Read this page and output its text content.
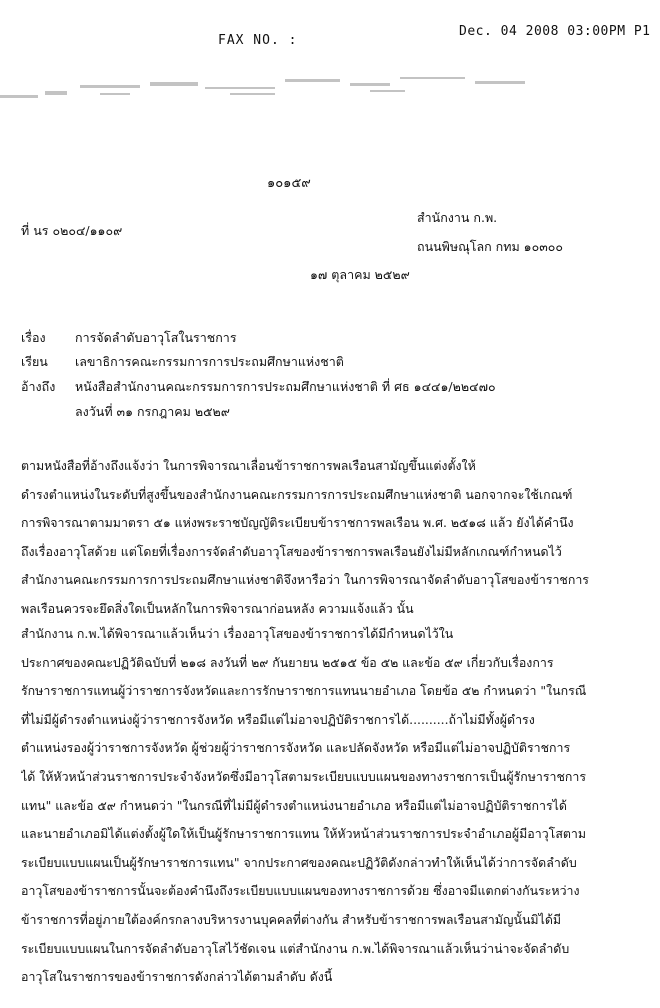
FAX NO. :
Dec. 04 2008 03:00PM P1
๑๐๑๕๙
ที่ นร ๐๒๐๔/๑๑๐๙
สำนักงาน ก.พ.
ถนนพิษณุโลก กทม ๑๐๓๐๐
๑๗ ตุลาคม ๒๕๒๙
เรื่อง การจัดลำดับอาวุโสในราชการ
เรียน เลขาธิการคณะกรรมการการประถมศึกษาแห่งชาติ
อ้างถึง หนังสือสำนักงานคณะกรรมการการประถมศึกษาแห่งชาติ ที่ ศธ ๑๔๔๑/๒๒๔๗๐
ลงวันที่ ๓๑ กรกฎาคม ๒๕๒๙
ตามหนังสือที่อ้างถึงแจ้งว่า ในการพิจารณาเลื่อนข้าราชการพลเรือนสามัญขึ้นแต่งตั้งให้
ดำรงตำแหน่งในระดับที่สูงขึ้นของสำนักงานคณะกรรมการการประถมศึกษาแห่งชาติ นอกจากจะใช้เกณฑ์
การพิจารณาตามมาตรา ๕๑ แห่งพระราชบัญญัติระเบียบข้าราชการพลเรือน พ.ศ. ๒๕๑๘ แล้ว ยังได้คำนึง
ถึงเรื่องอาวุโสด้วย แต่โดยที่เรื่องการจัดลำดับอาวุโสของข้าราชการพลเรือนยังไม่มีหลักเกณฑ์กำหนดไว้
สำนักงานคณะกรรมการการประถมศึกษาแห่งชาติจึงหารือว่า ในการพิจารณาจัดลำดับอาวุโสของข้าราชการ
พลเรือนควรจะยึดสิ่งใดเป็นหลักในการพิจารณาก่อนหลัง ความแจ้งแล้ว นั้น
สำนักงาน ก.พ.ได้พิจารณาแล้วเห็นว่า เรื่องอาวุโสของข้าราชการได้มีกำหนดไว้ใน
ประกาศของคณะปฏิวัติฉบับที่ ๒๑๘ ลงวันที่ ๒๙ กันยายน ๒๕๑๕ ข้อ ๕๒ และข้อ ๕๙ เกี่ยวกับเรื่องการ
รักษาราชการแทนผู้ว่าราชการจังหวัดและการรักษาราชการแทนนายอำเภอ โดยข้อ ๕๒ กำหนดว่า "ในกรณี
ที่ไม่มีผู้ดำรงตำแหน่งผู้ว่าราชการจังหวัด หรือมีแต่ไม่อาจปฏิบัติราชการได้..........ถ้าไม่มีทั้งผู้ดำรง
ตำแหน่งรองผู้ว่าราชการจังหวัด ผู้ช่วยผู้ว่าราชการจังหวัด และปลัดจังหวัด หรือมีแต่ไม่อาจปฏิบัติราชการ
ได้ ให้หัวหน้าส่วนราชการประจำจังหวัดซึ่งมีอาวุโสตามระเบียบแบบแผนของทางราชการเป็นผู้รักษาราชการ
แทน" และข้อ ๕๙ กำหนดว่า "ในกรณีที่ไม่มีผู้ดำรงตำแหน่งนายอำเภอ หรือมีแต่ไม่อาจปฏิบัติราชการได้
และนายอำเภอมิได้แต่งตั้งผู้ใดให้เป็นผู้รักษาราชการแทน ให้หัวหน้าส่วนราชการประจำอำเภอผู้มีอาวุโสตาม
ระเบียบแบบแผนเป็นผู้รักษาราชการแทน" จากประกาศของคณะปฏิวัติดังกล่าวทำให้เห็นได้ว่าการจัดลำดับ
อาวุโสของข้าราชการนั้นจะต้องคำนึงถึงระเบียบแบบแผนของทางราชการด้วย ซึ่งอาจมีแตกต่างกันระหว่าง
ข้าราชการที่อยู่ภายใต้องค์กรกลางบริหารงานบุคคลที่ต่างกัน สำหรับข้าราชการพลเรือนสามัญนั้นมิได้มี
ระเบียบแบบแผนในการจัดลำดับอาวุโสไว้ชัดเจน แต่สำนักงาน ก.พ.ได้พิจารณาแล้วเห็นว่าน่าจะจัดลำดับ
อาวุโสในราชการของข้าราชการดังกล่าวได้ตามลำดับ ดังนี้
